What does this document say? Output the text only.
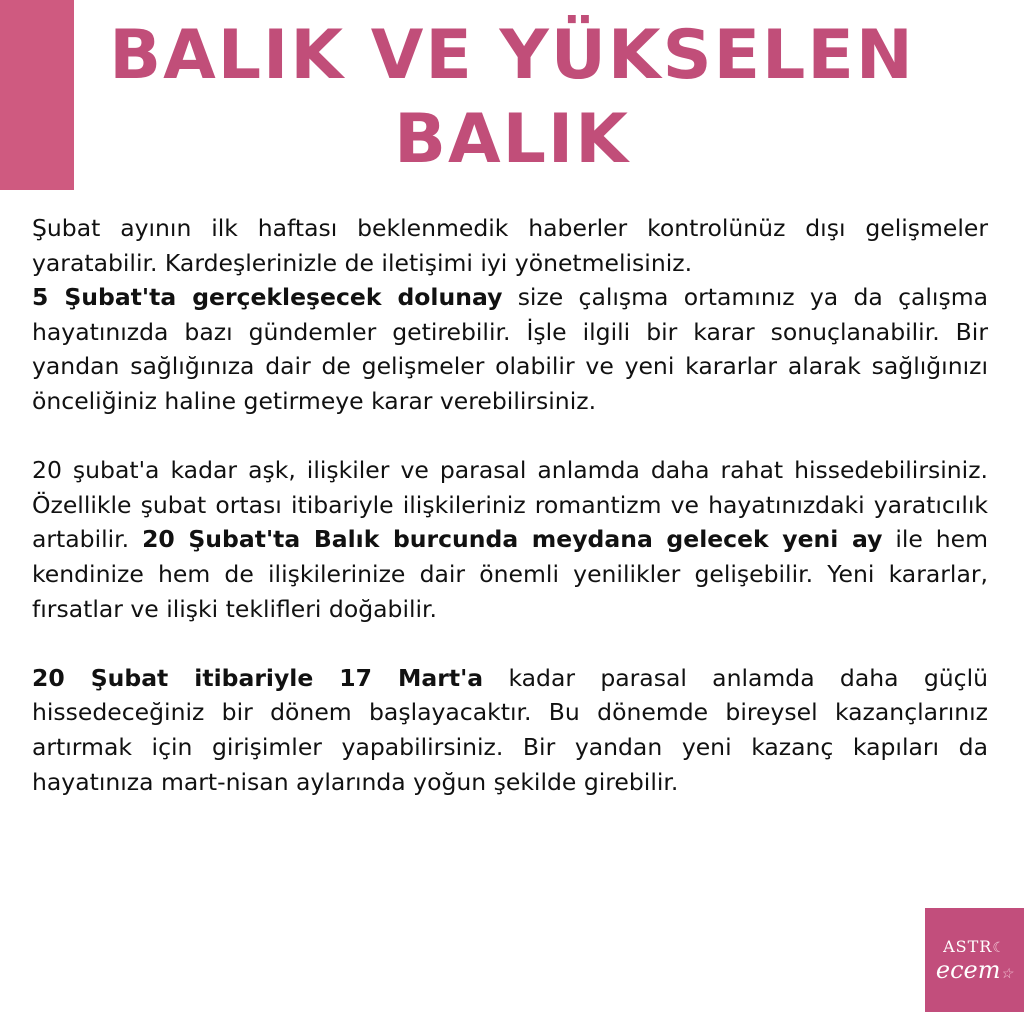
BALIK VE YÜKSELEN
BALIK

Şubat ayının ilk haftası beklenmedik haberler kontrolünüz dışı gelişmeler yaratabilir. Kardeşlerinizle de iletişimi iyi yönetmelisiniz.

5 Şubat'ta gerçekleşecek dolunay size çalışma ortamınız ya da çalışma hayatınızda bazı gündemler getirebilir. İşle ilgili bir karar sonuçlanabilir. Bir yandan sağlığınıza dair de gelişmeler olabilir ve yeni kararlar alarak sağlığınızı önceliğiniz haline getirmeye karar verebilirsiniz.

20 şubat'a kadar aşk, ilişkiler ve parasal anlamda daha rahat hissedebilirsiniz. Özellikle şubat ortası itibariyle ilişkileriniz romantizm ve hayatınızdaki yaratıcılık artabilir. 20 Şubat'ta Balık burcunda meydana gelecek yeni ay ile hem kendinize hem de ilişkilerinize dair önemli yenilikler gelişebilir. Yeni kararlar, fırsatlar ve ilişki teklifleri doğabilir.

20 Şubat itibariyle 17 Mart'a kadar parasal anlamda daha güçlü hissedeceğiniz bir dönem başlayacaktır. Bu dönemde bireysel kazançlarınız artırmak için girişimler yapabilirsiniz. Bir yandan yeni kazanç kapıları da hayatınıza mart-nisan aylarında yoğun şekilde girebilir.

ASTR☾
ecem☆
